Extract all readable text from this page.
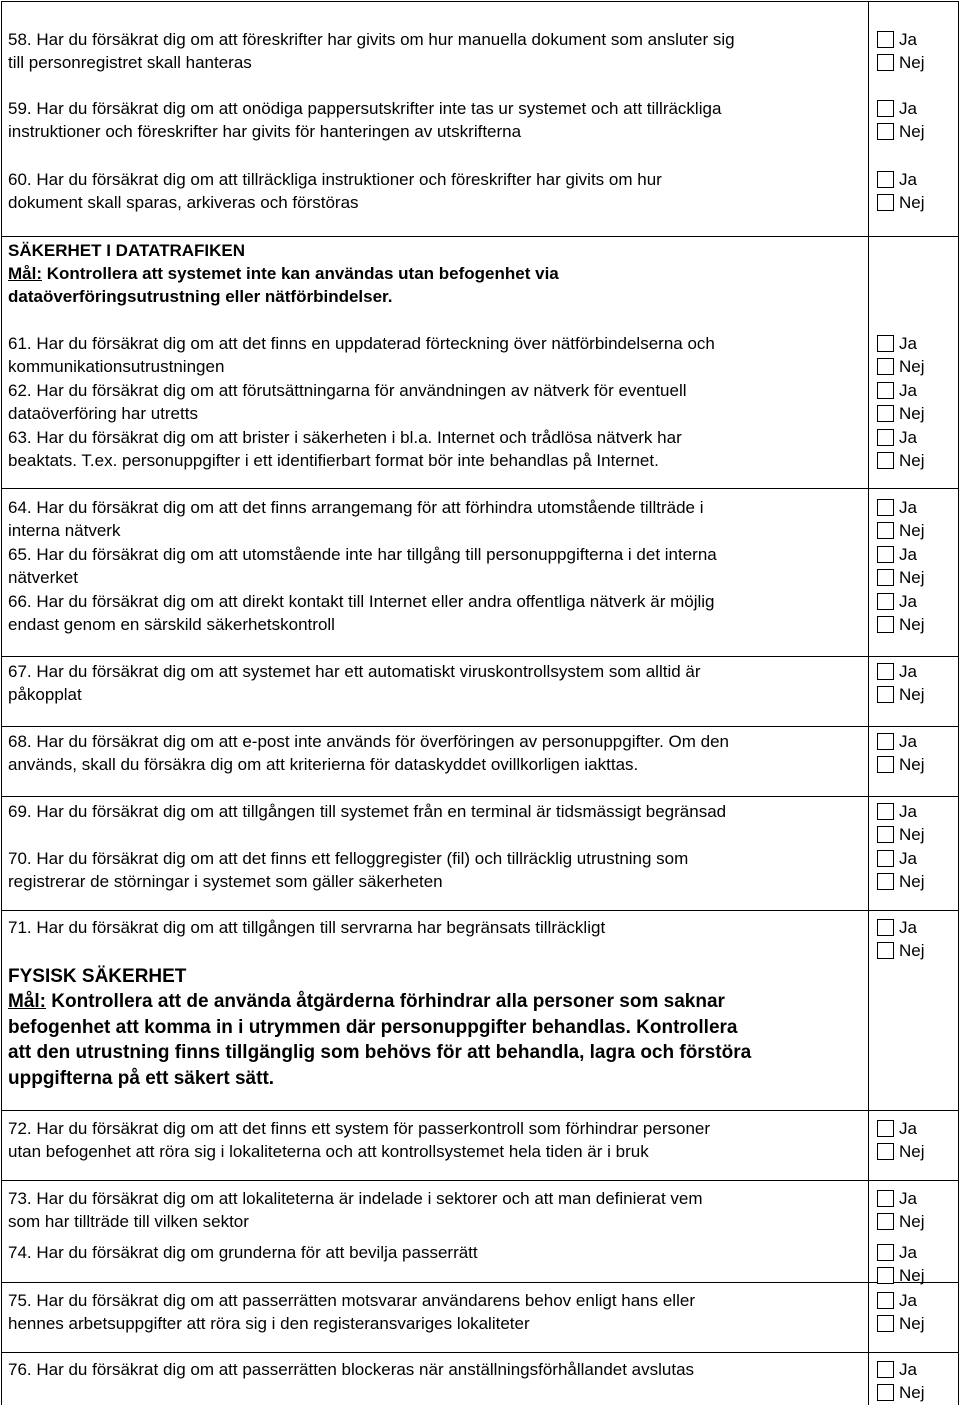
58. Har du försäkrat dig om att föreskrifter har givits om hur manuella dokument som ansluter sig
till personregistret skall hanteras
Ja
Nej
59. Har du försäkrat dig om att onödiga pappersutskrifter inte tas ur systemet och att tillräckliga
instruktioner och föreskrifter har givits för hanteringen av utskrifterna
Ja
Nej
60. Har du försäkrat dig om att tillräckliga instruktioner och föreskrifter har givits om hur
dokument skall sparas, arkiveras och förstöras
Ja
Nej
SÄKERHET I DATATRAFIKEN
Mål: Kontrollera att systemet inte kan användas utan befogenhet via
dataöverföringsutrustning eller nätförbindelser.
61. Har du försäkrat dig om att det finns en uppdaterad förteckning över nätförbindelserna och
kommunikationsutrustningen
Ja
Nej
62. Har du försäkrat dig om att förutsättningarna för användningen av nätverk för eventuell
dataöverföring har utretts
Ja
Nej
63. Har du försäkrat dig om att brister i säkerheten i bl.a. Internet och trådlösa nätverk har
beaktats. T.ex. personuppgifter i ett identifierbart format bör inte behandlas på Internet.
Ja
Nej
64. Har du försäkrat dig om att det finns arrangemang för att förhindra utomstående tillträde i
interna nätverk
Ja
Nej
65. Har du försäkrat dig om att utomstående inte har tillgång till personuppgifterna i det interna
nätverket
Ja
Nej
66. Har du försäkrat dig om att direkt kontakt till Internet eller andra offentliga nätverk är möjlig
endast genom en särskild säkerhetskontroll
Ja
Nej
67. Har du försäkrat dig om att systemet har ett automatiskt viruskontrollsystem som alltid är
påkopplat
Ja
Nej
68. Har du försäkrat dig om att e-post inte används för överföringen av personuppgifter. Om den
används, skall du försäkra dig om att kriterierna för dataskyddet ovillkorligen iakttas.
Ja
Nej
69. Har du försäkrat dig om att tillgången till systemet från en terminal är tidsmässigt begränsad	Ja
Nej
70. Har du försäkrat dig om att det finns ett felloggregister (fil) och tillräcklig utrustning som
registrerar de störningar i systemet som gäller säkerheten
Ja
Nej
71. Har du försäkrat dig om att tillgången till servrarna har begränsats tillräckligt	Ja
Nej
FYSISK SÄKERHET
Mål: Kontrollera att de använda åtgärderna förhindrar alla personer som saknar
befogenhet att komma in i utrymmen där personuppgifter behandlas. Kontrollera
att den utrustning finns tillgänglig som behövs för att behandla, lagra och förstöra
uppgifterna på ett säkert sätt.
72. Har du försäkrat dig om att det finns ett system för passerkontroll som förhindrar personer
utan befogenhet att röra sig i lokaliteterna och att kontrollsystemet hela tiden är i bruk
Ja
Nej
73. Har du försäkrat dig om att lokaliteterna är indelade i sektorer och att man definierat vem
som har tillträde till vilken sektor
Ja
Nej
74. Har du försäkrat dig om grunderna för att bevilja passerrätt	Ja
Nej
75. Har du försäkrat dig om att passerrätten motsvarar användarens behov enligt hans eller
hennes arbetsuppgifter att röra sig i den registeransvariges lokaliteter
Ja
Nej
76. Har du försäkrat dig om att passerrätten blockeras när anställningsförhållandet avslutas	Ja
Nej
